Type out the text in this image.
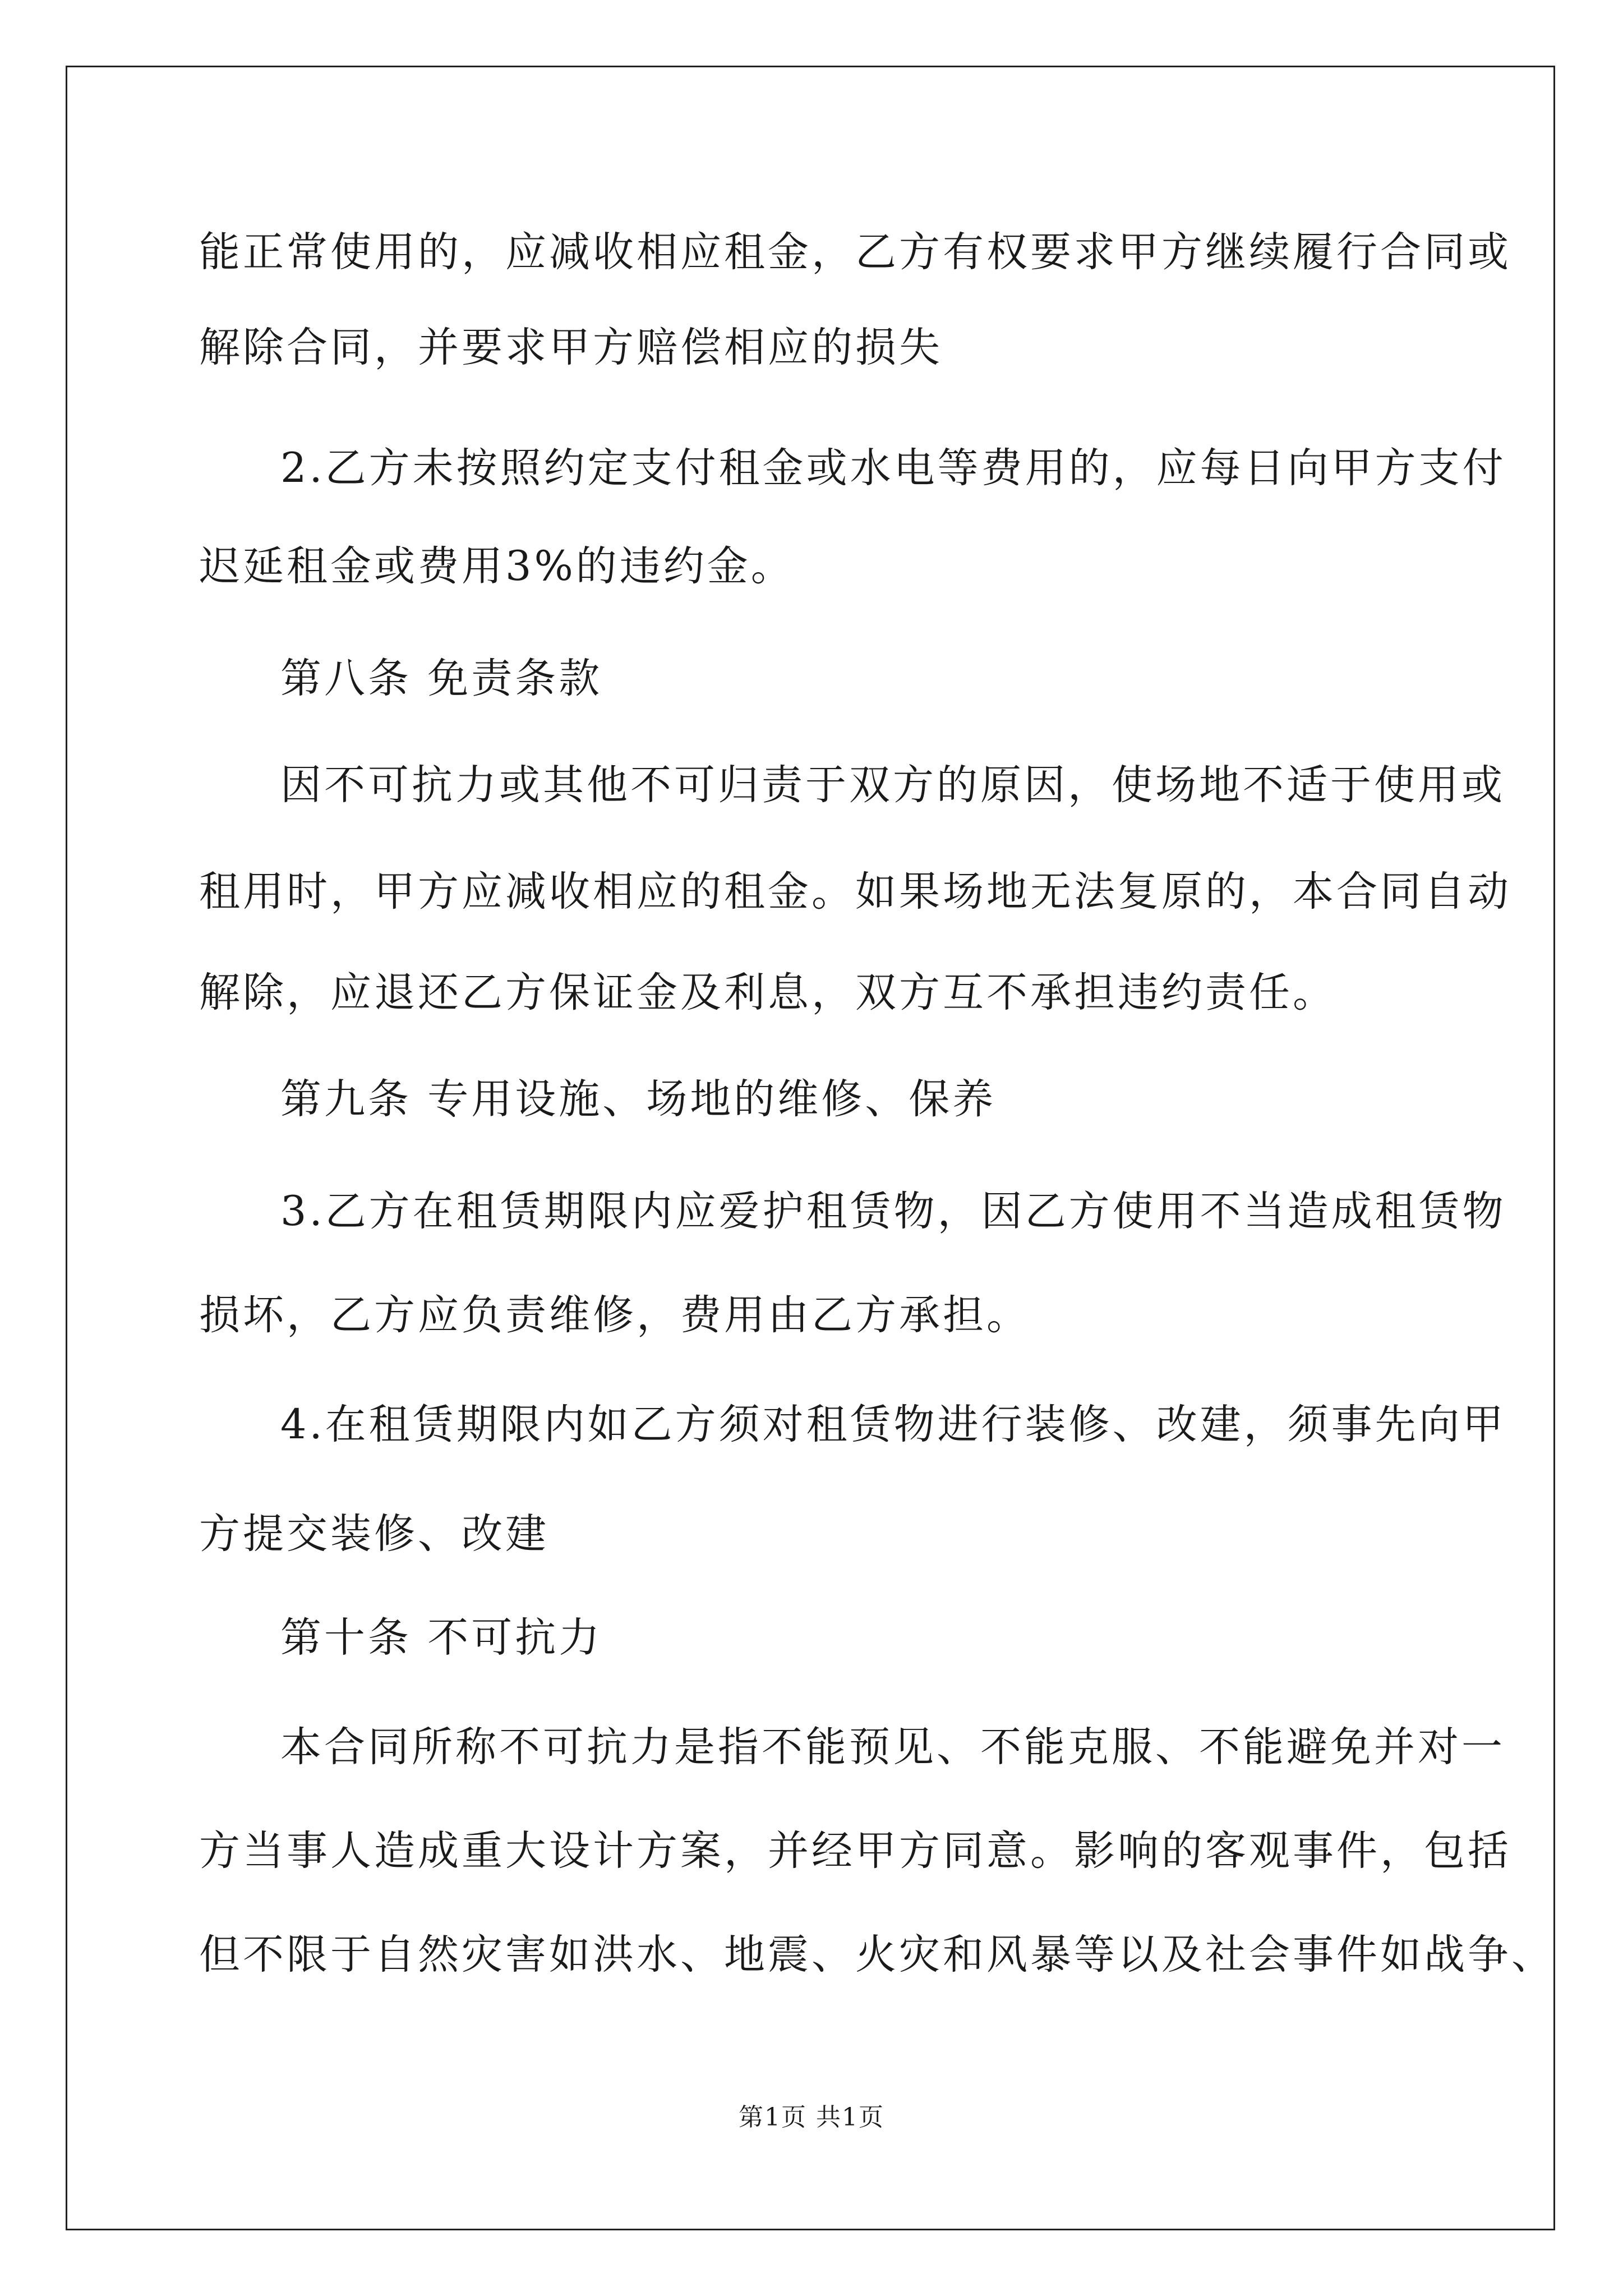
能正常使用的，应减收相应租金，乙方有权要求甲方继续履行合同或
解除合同，并要求甲方赔偿相应的损失
2.乙方未按照约定支付租金或水电等费用的，应每日向甲方支付
迟延租金或费用3%的违约金。
第八条 免责条款
因不可抗力或其他不可归责于双方的原因，使场地不适于使用或
租用时，甲方应减收相应的租金。如果场地无法复原的，本合同自动
解除，应退还乙方保证金及利息，双方互不承担违约责任。
第九条 专用设施、场地的维修、保养
3.乙方在租赁期限内应爱护租赁物，因乙方使用不当造成租赁物
损坏，乙方应负责维修，费用由乙方承担。
4.在租赁期限内如乙方须对租赁物进行装修、改建，须事先向甲
方提交装修、改建
第十条 不可抗力
本合同所称不可抗力是指不能预见、不能克服、不能避免并对一
方当事人造成重大设计方案，并经甲方同意。影响的客观事件，包括
但不限于自然灾害如洪水、地震、火灾和风暴等以及社会事件如战争、
第1页 共1页
